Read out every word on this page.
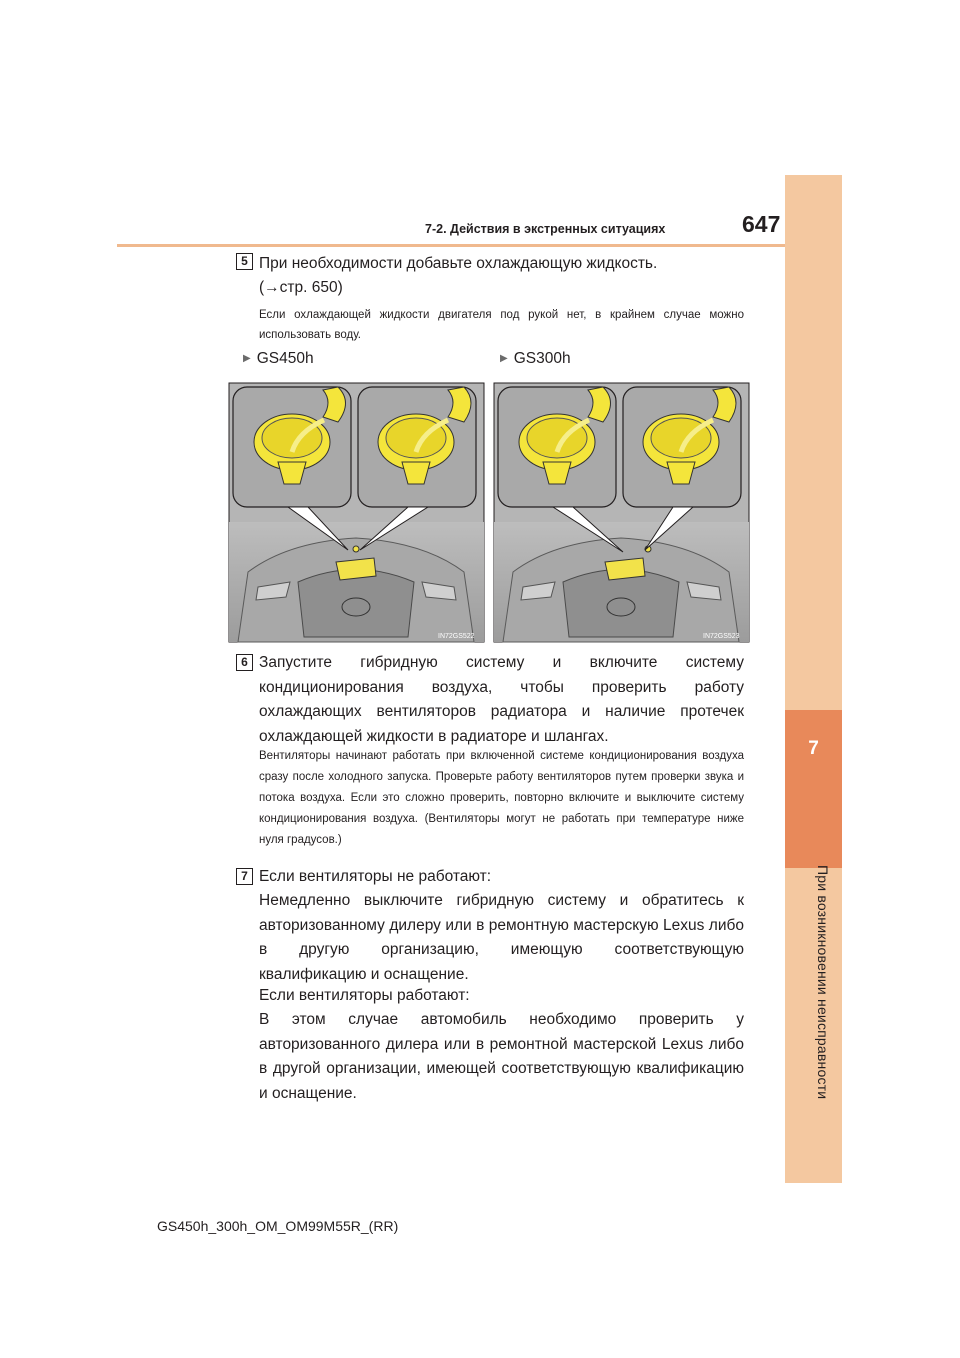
7
При возникновении неисправности
7-2. Действия в экстренных ситуациях	647
5 При необходимости добавьте охлаждающую жидкость.
(→стр. 650)
Если охлаждающей жидкости двигателя под рукой нет, в крайнем случае можно использовать воду.
▶ GS450h	▶ GS300h
IN72GS522	IN72GS523
6 Запустите гибридную систему и включите систему кондиционирования воздуха, чтобы проверить работу охлаждающих вентиляторов радиатора и наличие протечек охлаждающей жидкости в радиаторе и шлангах.
Вентиляторы начинают работать при включенной системе кондиционирования воздуха сразу после холодного запуска. Проверьте работу вентиляторов путем проверки звука и потока воздуха. Если это сложно проверить, повторно включите и выключите систему кондиционирования воздуха. (Вентиляторы могут не работать при температуре ниже нуля градусов.)
7 Если вентиляторы не работают:
Немедленно выключите гибридную систему и обратитесь к авторизованному дилеру или в ремонтную мастерскую Lexus либо в другую организацию, имеющую соответствующую квалификацию и оснащение.
Если вентиляторы работают:
В этом случае автомобиль необходимо проверить у авторизованного дилера или в ремонтной мастерской Lexus либо в другой организации, имеющей соответствующую квалификацию и оснащение.
GS450h_300h_OM_OM99M55R_(RR)
